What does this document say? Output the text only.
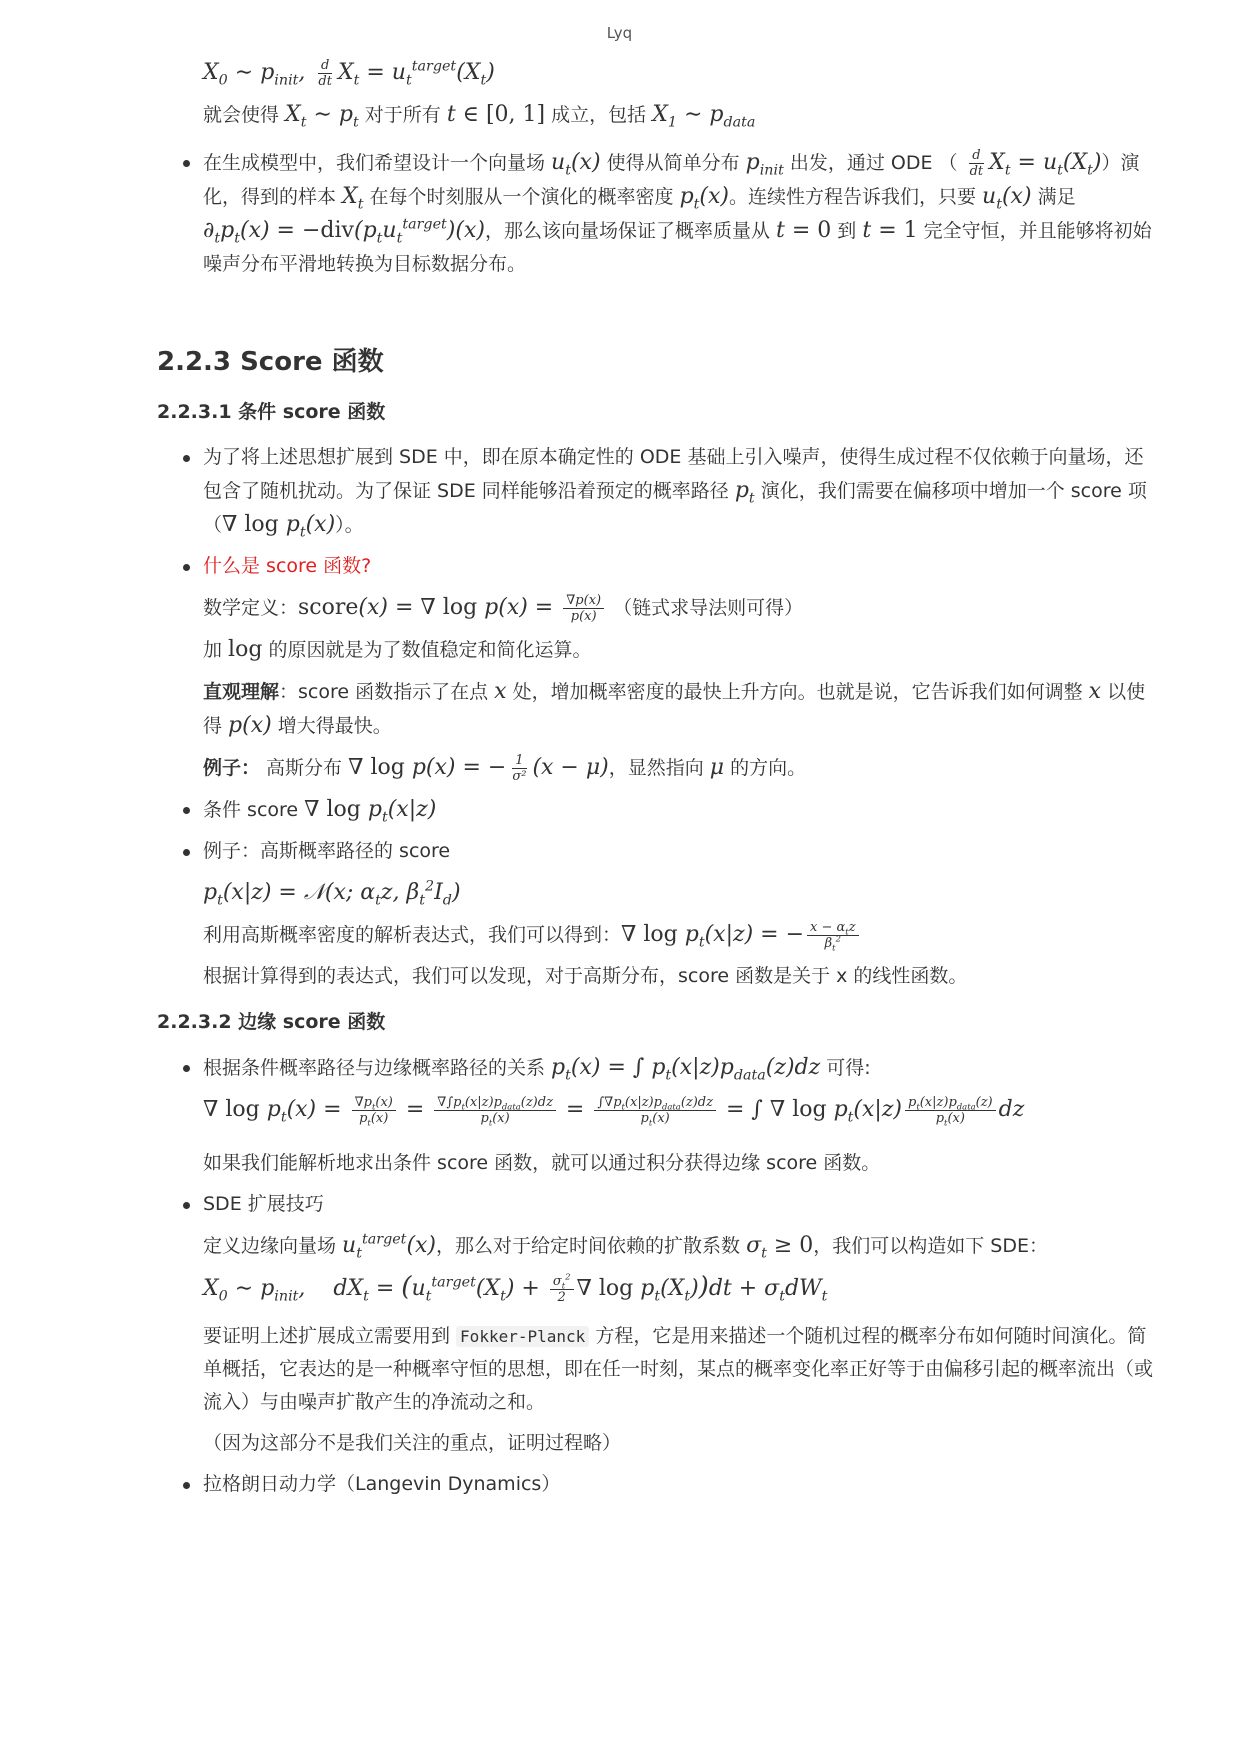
Lyq
$X_0$ ∼ $p_{init}$, $\frac{d}{dt} X_t = u_t^{target}(X_t)$
就会使得 $X_t$ ∼ $p_t$ 对于所有 t ∈ [0, 1] 成立，包括 $X_1$ ∼ $p_{data}$
在生成模型中，我们希望设计一个向量场 $u_t(x)$ 使得从简单分布 $p_{init}$ 出发，通过 ODE （ $\frac{d}{dt} X_t = u_t(X_t)$）演化，得到的样本 $X_t$ 在每个时刻服从一个演化的概率密度 $p_t(x)$。连续性方程告诉我们，只要 $u_t(x)$ 满足 $\partial_tp_t(x) = -div(p_tu_t^{target})(x)$，那么该向量场保证了概率质量从 t = 0 到 t = 1 完全守恒，并且能够将初始噪声分布平滑地转换为目标数据分布。
2.2.3 Score 函数
2.2.3.1 条件 score 函数
为了将上述思想扩展到 SDE 中，即在原本确定性的 ODE 基础上引入噪声，使得生成过程不仅依赖于向量场，还包含了随机扰动。为了保证 SDE 同样能够沿着预定的概率路径 $p_t$ 演化，我们需要在偏移项中增加一个 score 项（∇ $\log p_t(x)$）。
什么是 score 函数?
数学定义：score(x) = ∇ $\log p(x) = \frac{\nabla p(x)}{p(x)}$ （链式求导法则可得）
加 log 的原因就是为了数值稳定和简化运算。
直观理解：score 函数指示了在点 x 处，增加概率密度的最快上升方向。也就是说，它告诉我们如何调整 x 以使得 p(x) 增大得最快。
例子： 高斯分布 ∇ log p(x) = − $\frac{1}{\text{σ²}} (x - \mu)$，显然指向 μ 的方向。
条件 score ∇ $\log p_t(x|z)$
例子：高斯概率路径的 score
$p_t(x|z)$ = 𝒩(x; $\alpha_tz$, $\beta_t^2I_d$)
利用高斯概率密度的解析表达式，我们可以得到：∇ $\log p_t(x|z)$ = − $\frac{x - \alpha_tz}{\beta_t^2}$
根据计算得到的表达式，我们可以发现，对于高斯分布，score 函数是关于 x 的线性函数。
2.2.3.2 边缘 score 函数
根据条件概率路径与边缘概率路径的关系 $p_t(x)$ = ∫ $p_t(x|z)p_{data}(z)dz$ 可得:
∇ $\log p_t(x) = \frac{\nabla p_t(x)}{p_t(x)} = \frac{\nabla\int p_t(x|z)p_{data}(z)dz}{p_t(x)} = \frac{\int\nabla p_t(x|z)p_{data}(z)dz}{p_t(x)}$ = ∫ ∇ $\log p_t(x|z) \frac{p_t(x|z)p_{data}(z)}{p_t(x)}$ dz
如果我们能解析地求出条件 score 函数，就可以通过积分获得边缘 score 函数。
SDE 扩展技巧
定义边缘向量场 $u_t^{target}(x)$，那么对于给定时间依赖的扩散系数 $\sigma_t \ge 0$，我们可以构造如下 SDE：
$X_0$ ∼ $p_{init}$,    $dX_t = (u_t^{target}(X_t) + \frac{\sigma_t^2}{2}$ ∇ $\log p_t(X_t))dt + \sigma_tdW_t$
要证明上述扩展成立需要用到 Fokker-Planck 方程，它是用来描述一个随机过程的概率分布如何随时间演化。简单概括，它表达的是一种概率守恒的思想，即在任一时刻，某点的概率变化率正好等于由偏移引起的概率流出（或流入）与由噪声扩散产生的净流动之和。
（因为这部分不是我们关注的重点，证明过程略）
拉格朗日动力学（Langevin Dynamics）
